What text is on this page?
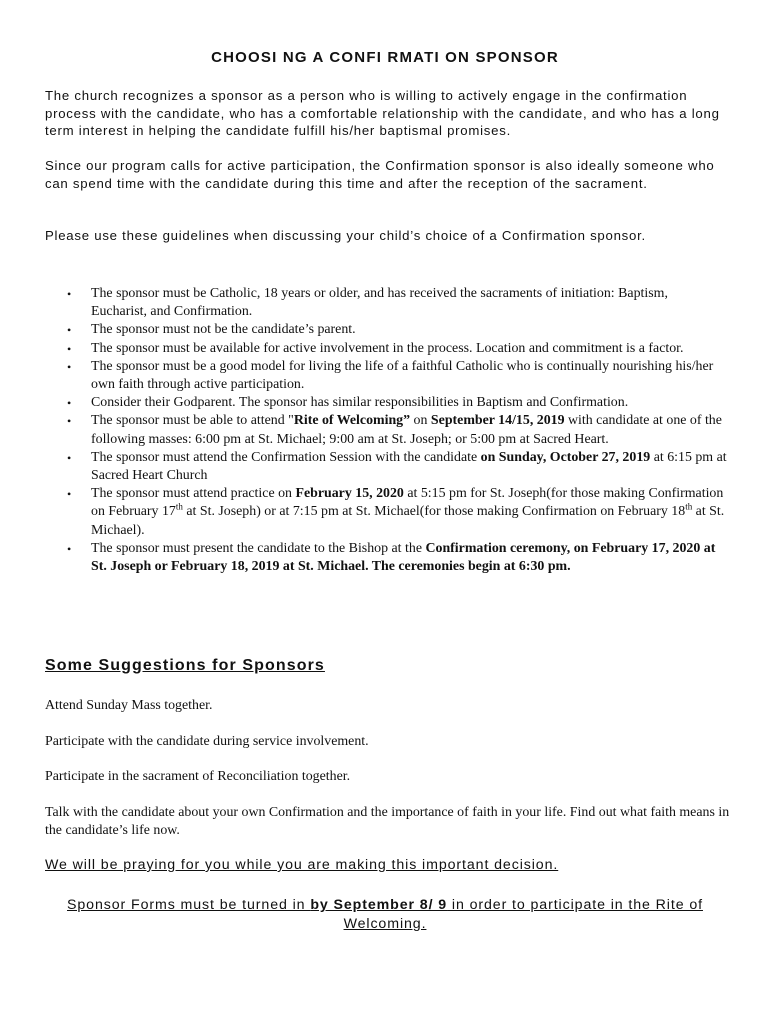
CHOOSI NG A CONFI RMATI ON SPONSOR

The church recognizes a sponsor as a person who is willing to actively engage in the confirmation process with the candidate, who has a comfortable relationship with the candidate, and who has a long term interest in helping the candidate fulfill his/her baptismal promises.

Since our program calls for active participation, the Confirmation sponsor is also ideally someone who can spend time with the candidate during this time and after the reception of the sacrament.

Please use these guidelines when discussing your child’s choice of a Confirmation sponsor.

• The sponsor must be Catholic, 18 years or older, and has received the sacraments of initiation: Baptism, Eucharist, and Confirmation.
• The sponsor must not be the candidate’s parent.
• The sponsor must be available for active involvement in the process. Location and commitment is a factor.
• The sponsor must be a good model for living the life of a faithful Catholic who is continually nourishing his/her own faith through active participation.
• Consider their Godparent. The sponsor has similar responsibilities in Baptism and Confirmation.
• The sponsor must be able to attend "Rite of Welcoming” on September 14/15, 2019 with candidate at one of the following masses: 6:00 pm at St. Michael; 9:00 am at St. Joseph; or 5:00 pm at Sacred Heart.
• The sponsor must attend the Confirmation Session with the candidate on Sunday, October 27, 2019 at 6:15 pm at Sacred Heart Church
• The sponsor must attend practice on February 15, 2020 at 5:15 pm for St. Joseph(for those making Confirmation on February 17th at St. Joseph) or at 7:15 pm at St. Michael(for those making Confirmation on February 18th at St. Michael).
• The sponsor must present the candidate to the Bishop at the Confirmation ceremony, on February 17, 2020 at St. Joseph or February 18, 2019 at St. Michael. The ceremonies begin at 6:30 pm.
Some Suggestions for Sponsors

Attend Sunday Mass together.

Participate with the candidate during service involvement.

Participate in the sacrament of Reconciliation together.

Talk with the candidate about your own Confirmation and the importance of faith in your life. Find out what faith means in the candidate’s life now.

We will be praying for you while you are making this important decision.
Sponsor Forms must be turned in by September 8/ 9 in order to participate in the Rite of Welcoming.
